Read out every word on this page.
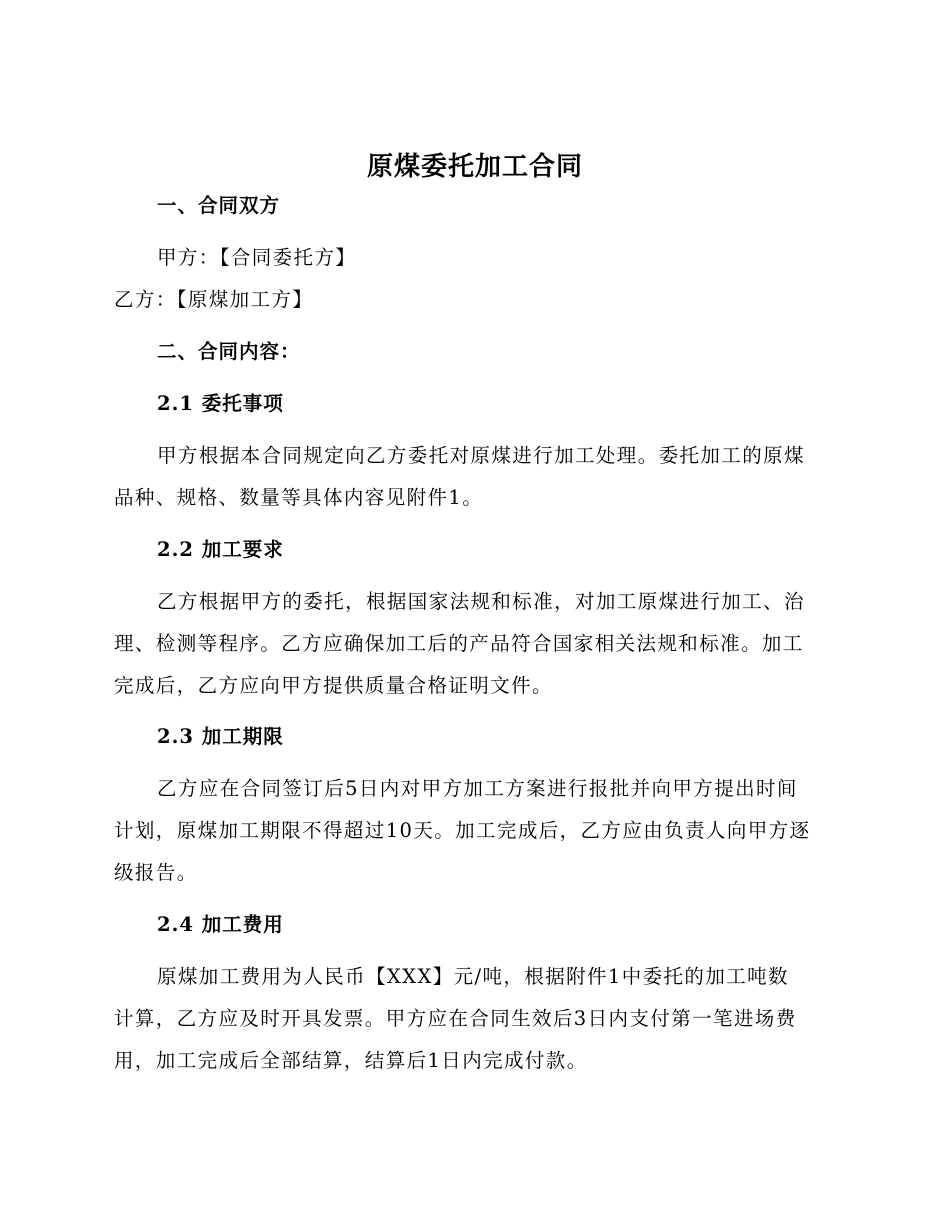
原煤委托加工合同
一、合同双方
甲方：【合同委托方】
乙方：【原煤加工方】
二、合同内容：
2.1 委托事项
甲方根据本合同规定向乙方委托对原煤进行加工处理。委托加工的原煤
品种、规格、数量等具体内容见附件1。
2.2 加工要求
乙方根据甲方的委托，根据国家法规和标准，对加工原煤进行加工、治
理、检测等程序。乙方应确保加工后的产品符合国家相关法规和标准。加工
完成后，乙方应向甲方提供质量合格证明文件。
2.3 加工期限
乙方应在合同签订后5日内对甲方加工方案进行报批并向甲方提出时间
计划，原煤加工期限不得超过10天。加工完成后，乙方应由负责人向甲方逐
级报告。
2.4 加工费用
原煤加工费用为人民币【XXX】元/吨，根据附件1中委托的加工吨数
计算，乙方应及时开具发票。甲方应在合同生效后3日内支付第一笔进场费
用，加工完成后全部结算，结算后1日内完成付款。
